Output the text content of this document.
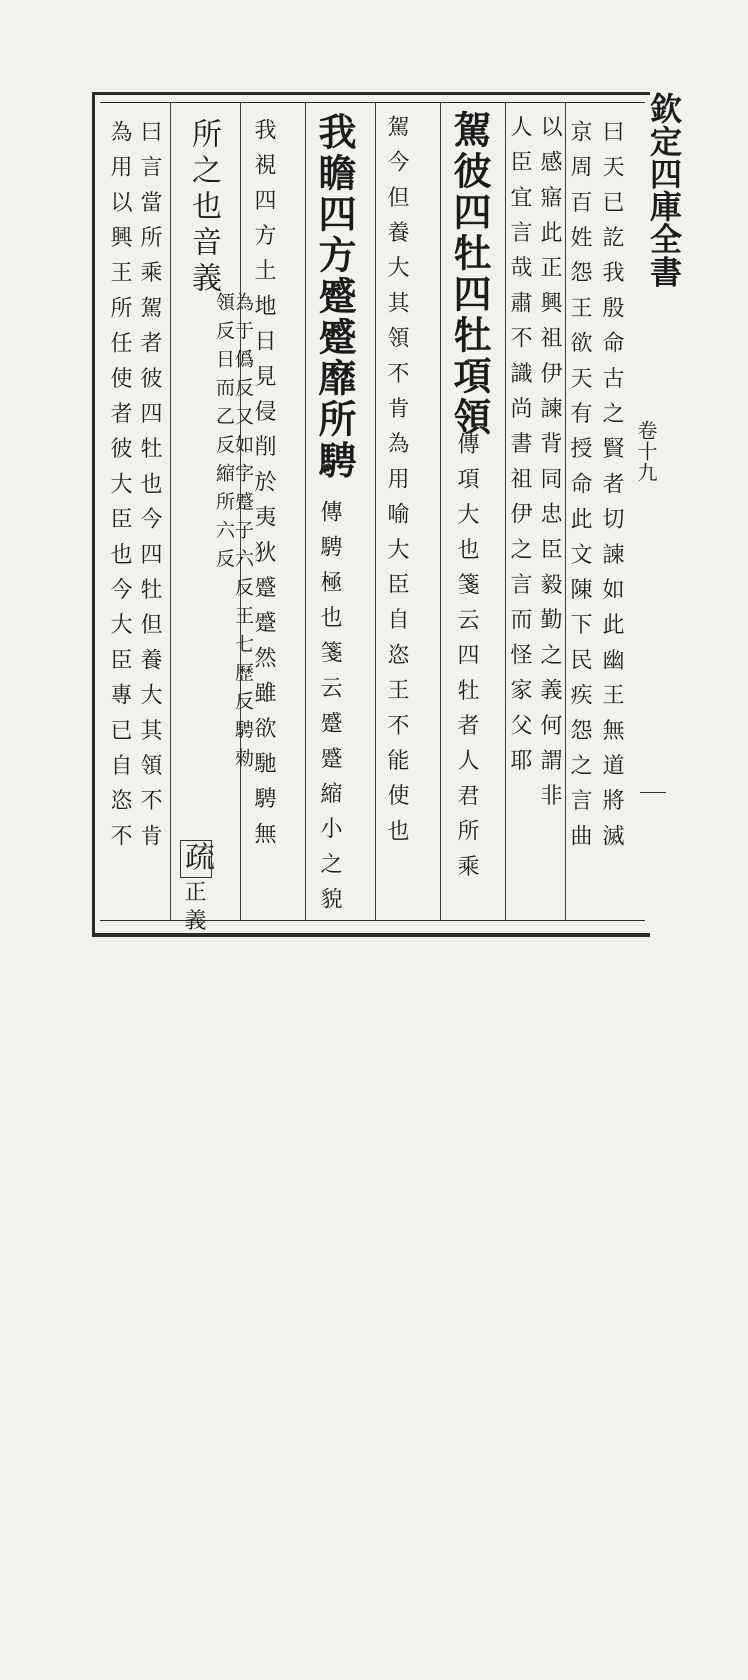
欽定四庫全書
卷十九
曰天已訖我殷命古之賢者切諫如此幽王無道將滅
京周百姓怨王欲天有授命此文陳下民疾怨之言曲
以感寤此正興祖伊諫背同忠臣毅勤之義何謂非
人臣宜言哉肅不識尚書祖伊之言而怪家父耶
駕彼四牡四牡項領
傳項大也箋云四牡者人君所乘
駕今但養大其領不肯為用喻大臣自恣王不能使也
我瞻四方蹙蹙靡所騁
傳騁極也箋云蹙蹙縮小之貌
我視四方土地日見侵削於夷狄蹙蹙然雖欲馳騁無
所之也音義
為于僞反又如字蹙子六反王七歷反騁勑領反日而乙反縮所六反
疏
正義
曰言當所乘駕者彼四牡也今四牡但養大其領不肯
為用以興王所任使者彼大臣也今大臣專已自恣不
